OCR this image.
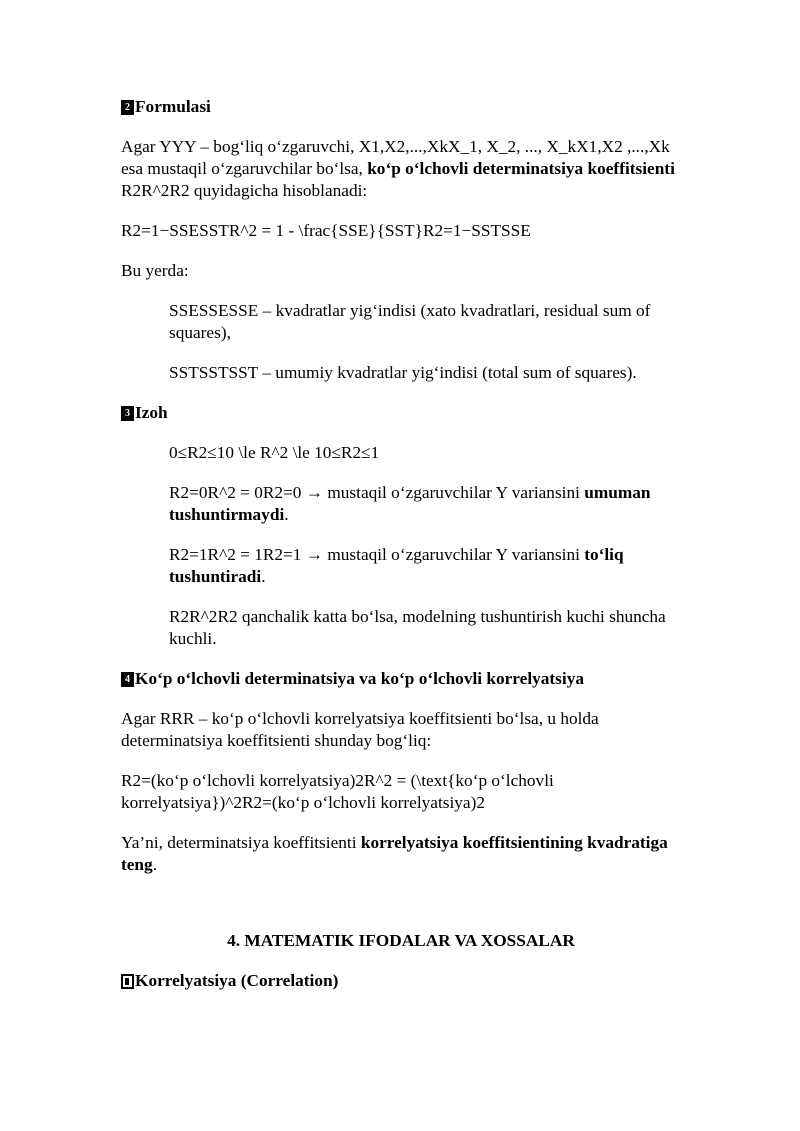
2 Formulasi

Agar YYY – bog‘liq o‘zgaruvchi, X1,X2,...,XkX_1, X_2, ..., X_kX1,X2 ,...,Xk esa mustaqil o‘zgaruvchilar bo‘lsa, ko‘p o‘lchovli determinatsiya koeffitsienti R2R^2R2 quyidagicha hisoblanadi:

R2=1−SSESSTR^2 = 1 - \frac{SSE}{SST}R2=1−SSTSSE

Bu yerda:

SSESSESSE – kvadratlar yig‘indisi (xato kvadratlari, residual sum of squares),

SSTSSTSST – umumiy kvadratlar yig‘indisi (total sum of squares).

3 Izoh

0≤R2≤10 \le R^2 \le 10≤R2≤1

R2=0R^2 = 0R2=0 → mustaqil o‘zgaruvchilar Y variansini umuman tushuntirmaydi.

R2=1R^2 = 1R2=1 → mustaqil o‘zgaruvchilar Y variansini to‘liq tushuntiradi.

R2R^2R2 qanchalik katta bo‘lsa, modelning tushuntirish kuchi shuncha kuchli.

4 Ko‘p o‘lchovli determinatsiya va ko‘p o‘lchovli korrelyatsiya

Agar RRR – ko‘p o‘lchovli korrelyatsiya koeffitsienti bo‘lsa, u holda determinatsiya koeffitsienti shunday bog‘liq:

R2=(ko‘p o‘lchovli korrelyatsiya)2R^2 = (\text{ko‘p o‘lchovli korrelyatsiya})^2R2=(ko‘p o‘lchovli korrelyatsiya)2

Ya’ni, determinatsiya koeffitsienti korrelyatsiya koeffitsientining kvadratiga teng.

4. MATEMATIK IFODALAR VA XOSSALAR

Korrelyatsiya (Correlation)
